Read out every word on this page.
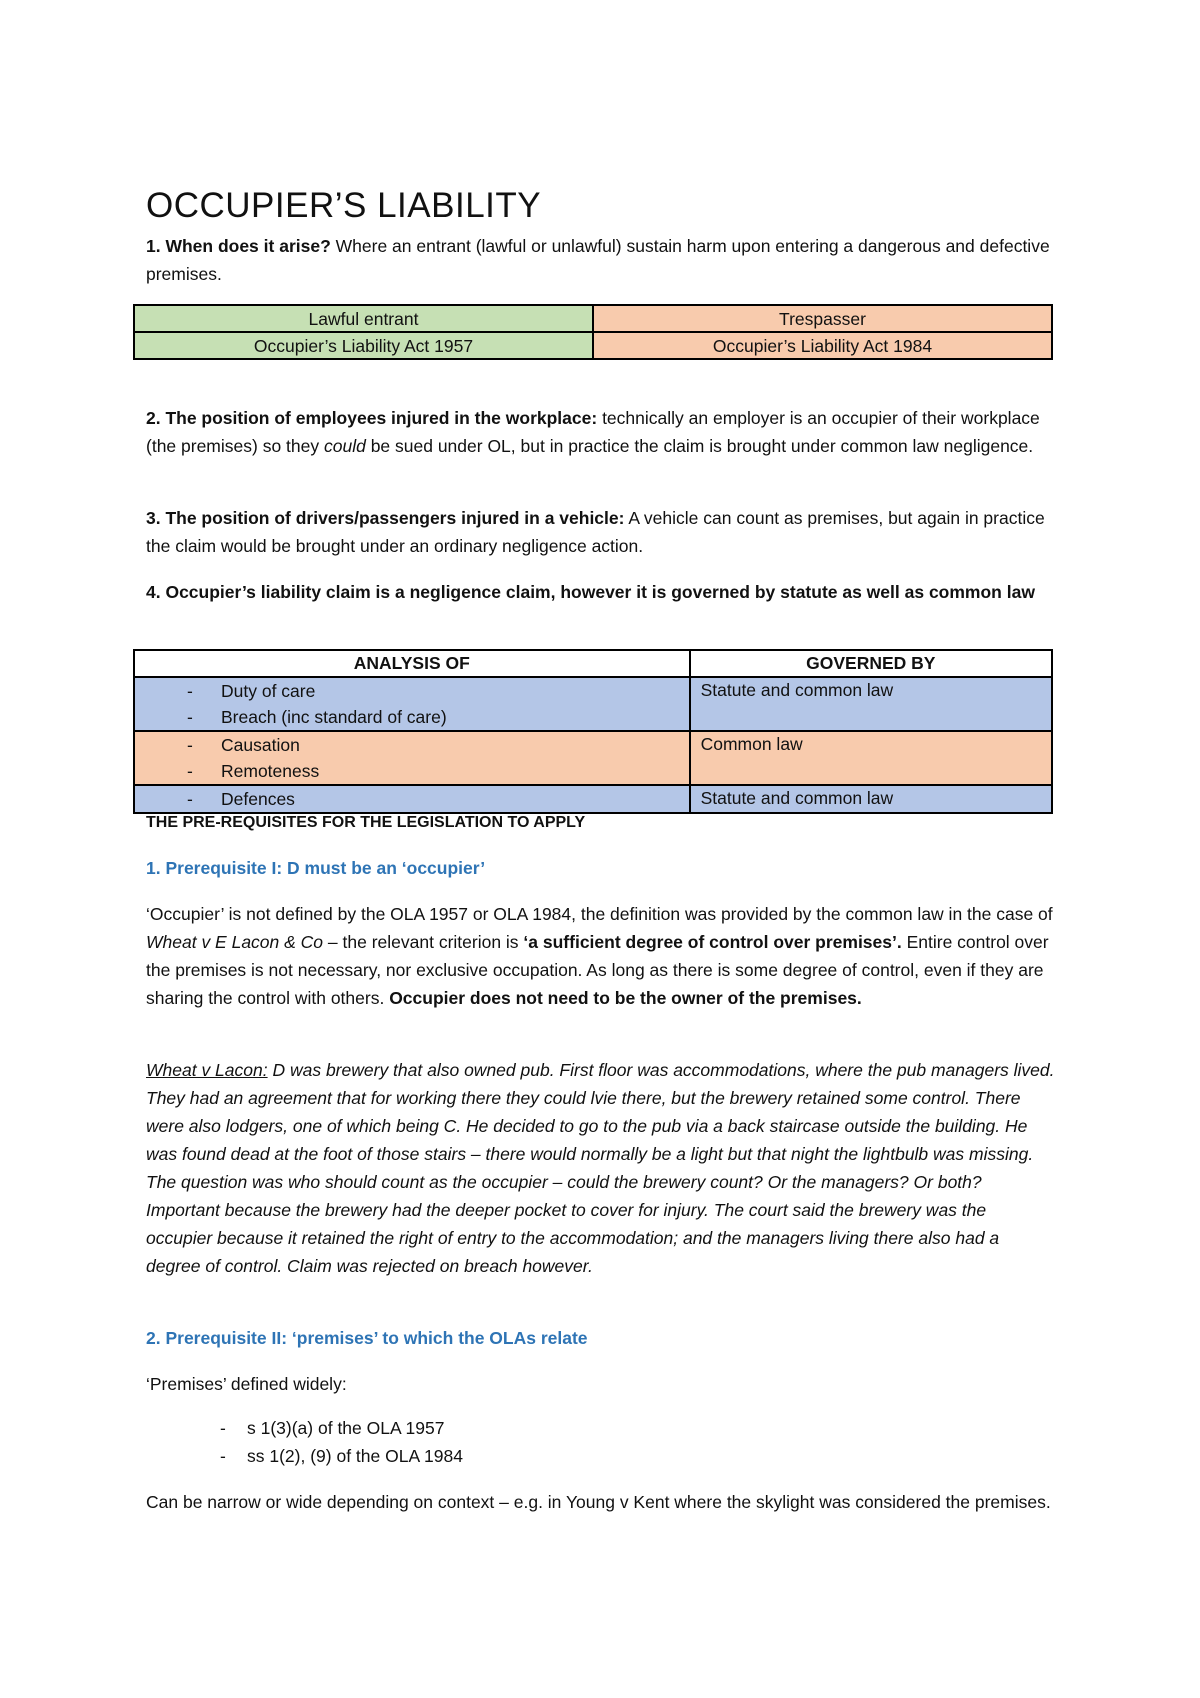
OCCUPIER’S LIABILITY

1. When does it arise? Where an entrant (lawful or unlawful) sustain harm upon entering a dangerous and defective premises.

Lawful entrant	Trespasser
Occupier’s Liability Act 1957	Occupier’s Liability Act 1984

2. The position of employees injured in the workplace: technically an employer is an occupier of their workplace (the premises) so they could be sued under OL, but in practice the claim is brought under common law negligence.

3. The position of drivers/passengers injured in a vehicle: A vehicle can count as premises, but again in practice the claim would be brought under an ordinary negligence action.

4. Occupier’s liability claim is a negligence claim, however it is governed by statute as well as common law

ANALYSIS OF	GOVERNED BY

- Duty of care
- Breach (inc standard of care)	Statute and common law

- Causation
- Remoteness	Common law

- Defences	Statute and common law

THE PRE-REQUISITES FOR THE LEGISLATION TO APPLY

1. Prerequisite I: D must be an ‘occupier’

‘Occupier’ is not defined by the OLA 1957 or OLA 1984, the definition was provided by the common law in the case of Wheat v E Lacon & Co – the relevant criterion is ‘a sufficient degree of control over premises’. Entire control over the premises is not necessary, nor exclusive occupation. As long as there is some degree of control, even if they are sharing the control with others. Occupier does not need to be the owner of the premises.

Wheat v Lacon: D was brewery that also owned pub. First floor was accommodations, where the pub managers lived. They had an agreement that for working there they could lvie there, but the brewery retained some control. There were also lodgers, one of which being C. He decided to go to the pub via a back staircase outside the building. He was found dead at the foot of those stairs – there would normally be a light but that night the lightbulb was missing. The question was who should count as the occupier – could the brewery count? Or the managers? Or both? Important because the brewery had the deeper pocket to cover for injury. The court said the brewery was the occupier because it retained the right of entry to the accommodation; and the managers living there also had a degree of control. Claim was rejected on breach however.

2. Prerequisite II: ‘premises’ to which the OLAs relate

‘Premises’ defined widely:

- s 1(3)(a) of the OLA 1957
- ss 1(2), (9) of the OLA 1984

Can be narrow or wide depending on context – e.g. in Young v Kent where the skylight was considered the premises.
